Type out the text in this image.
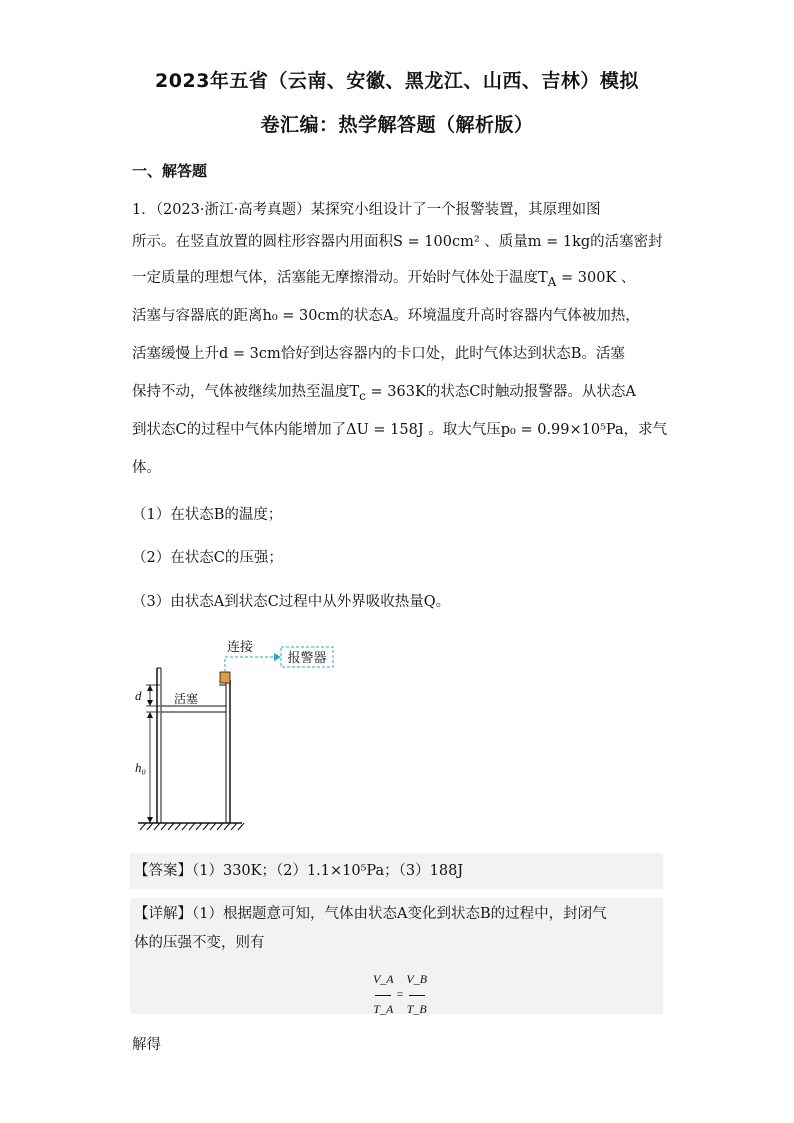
2023年五省（云南、安徽、黑龙江、山西、吉林）模拟
卷汇编：热学解答题（解析版）
一、解答题
1．（2023·浙江·高考真题）某探究小组设计了一个报警装置，其原理如图
所示。在竖直放置的圆柱形容器内用面积S = 100cm² 、质量m = 1kg的活塞密封
一定质量的理想气体，活塞能无摩擦滑动。开始时气体处于温度$T_A = 300K$ 、
活塞与容器底的距离h₀ = 30cm的状态A。环境温度升高时容器内气体被加热，
活塞缓慢上升d = 3cm恰好到达容器内的卡口处，此时气体达到状态B。活塞
保持不动，气体被继续加热至温度$T_c = 363K$的状态C时触动报警器。从状态A
到状态C的过程中气体内能增加了ΔU = 158J 。取大气压p₀ = 0.99×10⁵Pa，求气
体。
（1）在状态B的温度；
（2）在状态C的压强；
（3）由状态A到状态C过程中从外界吸收热量Q。
连接
报警器
活塞
d
h₀
【答案】（1）330K；（2）1.1×10⁵Pa；（3）188J
【详解】（1）根据题意可知，气体由状态A变化到状态B的过程中，封闭气
体的压强不变，则有
$\frac{V\_A}{T\_A} = \frac{V\_B}{T\_B}$
解得
